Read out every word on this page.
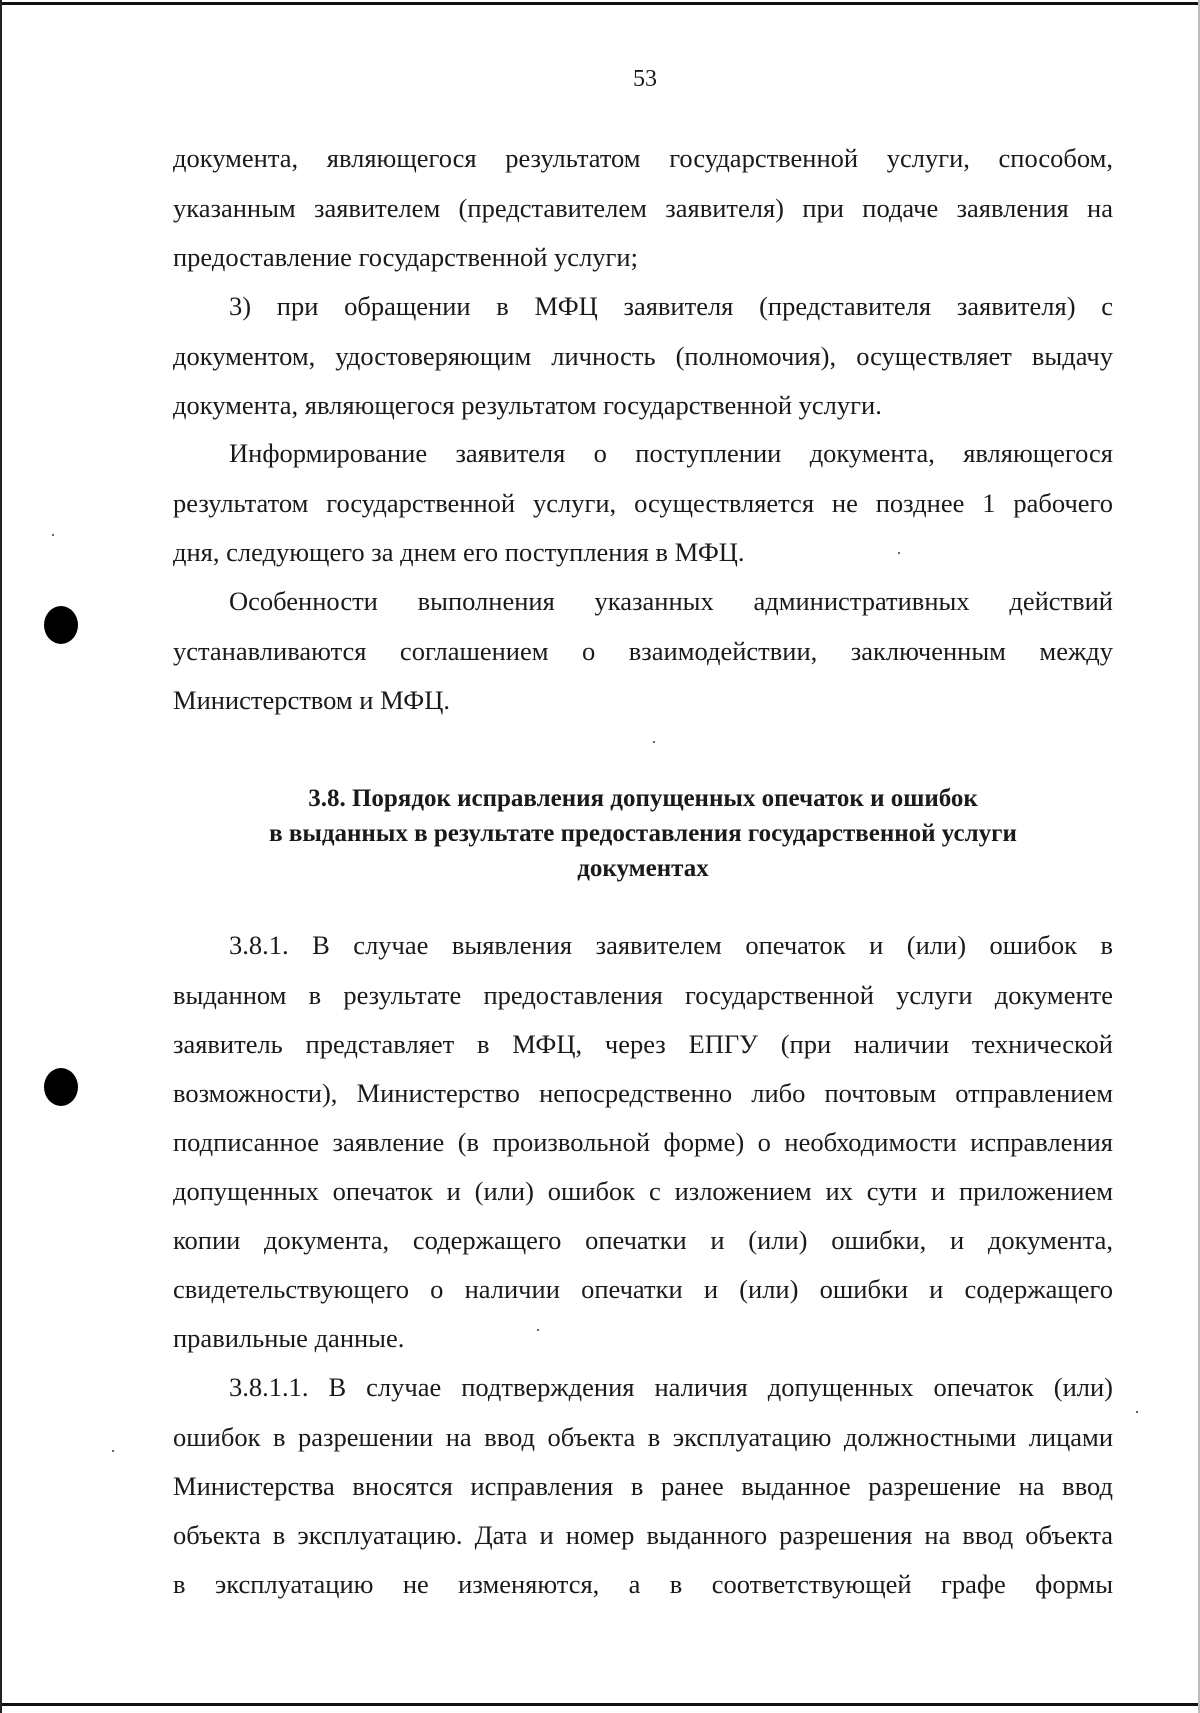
53
документа, являющегося результатом государственной услуги, способом,
указанным заявителем (представителем заявителя) при подаче заявления на
предоставление государственной услуги;
3) при обращении в МФЦ заявителя (представителя заявителя) с
документом, удостоверяющим личность (полномочия), осуществляет выдачу
документа, являющегося результатом государственной услуги.
Информирование заявителя о поступлении документа, являющегося
результатом государственной услуги, осуществляется не позднее 1 рабочего
дня, следующего за днем его поступления в МФЦ.
Особенности выполнения указанных административных действий
устанавливаются соглашением о взаимодействии, заключенным между
Министерством и МФЦ.
3.8. Порядок исправления допущенных опечаток и ошибок
в выданных в результате предоставления государственной услуги
документах
3.8.1. В случае выявления заявителем опечаток и (или) ошибок в
выданном в результате предоставления государственной услуги документе
заявитель представляет в МФЦ, через ЕПГУ (при наличии технической
возможности), Министерство непосредственно либо почтовым отправлением
подписанное заявление (в произвольной форме) о необходимости исправления
допущенных опечаток и (или) ошибок с изложением их сути и приложением
копии документа, содержащего опечатки и (или) ошибки, и документа,
свидетельствующего о наличии опечатки и (или) ошибки и содержащего
правильные данные.
3.8.1.1. В случае подтверждения наличия допущенных опечаток (или)
ошибок в разрешении на ввод объекта в эксплуатацию должностными лицами
Министерства вносятся исправления в ранее выданное разрешение на ввод
объекта в эксплуатацию. Дата и номер выданного разрешения на ввод объекта
в эксплуатацию не изменяются, а в соответствующей графе формы
